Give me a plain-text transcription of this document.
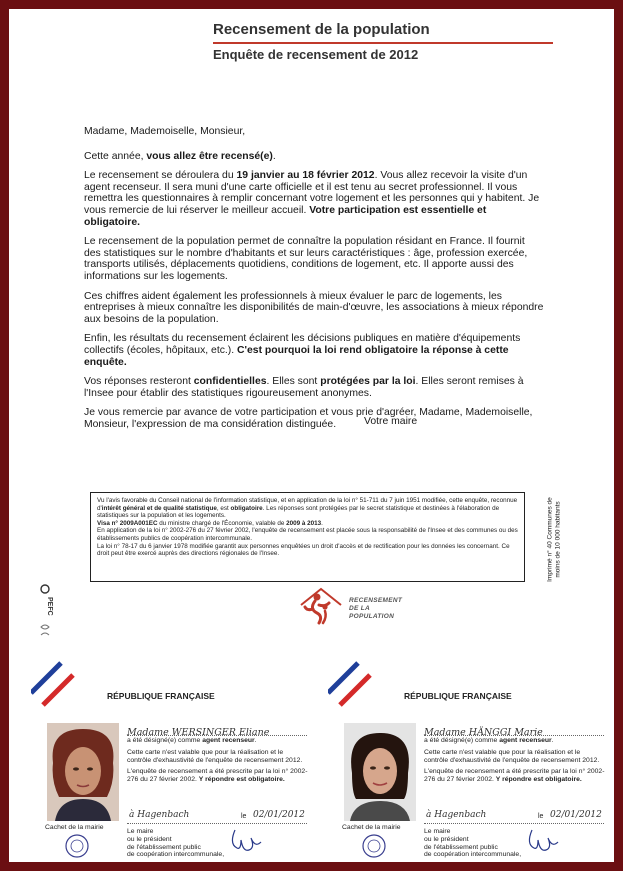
Recensement de la population
Enquête de recensement de 2012

Madame, Mademoiselle, Monsieur,

Cette année, vous allez être recensé(e).

Le recensement se déroulera du 19 janvier au 18 février 2012. Vous allez recevoir la visite d'un agent recenseur. Il sera muni d'une carte officielle et il est tenu au secret professionnel. Il vous remettra les questionnaires à remplir concernant votre logement et les personnes qui y habitent. Je vous remercie de lui réserver le meilleur accueil. Votre participation est essentielle et obligatoire.

Le recensement de la population permet de connaître la population résidant en France. Il fournit des statistiques sur le nombre d'habitants et sur leurs caractéristiques : âge, profession exercée, transports utilisés, déplacements quotidiens, conditions de logement, etc. Il apporte aussi des informations sur les logements.

Ces chiffres aident également les professionnels à mieux évaluer le parc de logements, les entreprises à mieux connaître les disponibilités de main-d'œuvre, les associations à mieux répondre aux besoins de la population.

Enfin, les résultats du recensement éclairent les décisions publiques en matière d'équipements collectifs (écoles, hôpitaux, etc.). C'est pourquoi la loi rend obligatoire la réponse à cette enquête.

Vos réponses resteront confidentielles. Elles sont protégées par la loi. Elles seront remises à l'Insee pour établir des statistiques rigoureusement anonymes.

Je vous remercie par avance de votre participation et vous prie d'agréer, Madame, Mademoiselle, Monsieur, l'expression de ma considération distinguée.	Votre maire

Vu l'avis favorable du Conseil national de l'information statistique, et en application de la loi n° 51-711 du 7 juin 1951 modifiée, cette enquête, reconnue d'intérêt général et de qualité statistique, est obligatoire. Les réponses sont protégées par le secret statistique et destinées à l'élaboration de statistiques sur la population et les logements.

Visa n° 2009A001EC du ministre chargé de l'Économie, valable de 2009 à 2013.

En application de la loi n° 2002-276 du 27 février 2002, l'enquête de recensement est placée sous la responsabilité de l'Insee et des communes ou des établissements publics de coopération intercommunale.

La loi n° 78-17 du 6 janvier 1978 modifiée garantit aux personnes enquêtées un droit d'accès et de rectification pour les données les concernant. Ce droit peut être exercé auprès des directions régionales de l'Insee.	Imprimé n° 40 Communes de moins de 10 000 habitants
PEFC	RECENSEMENT
DE LA
POPULATION
RÉPUBLIQUE FRANÇAISE
Madame WERSINGER Eliane

a été désigné(e) comme agent recenseur.

Cette carte n'est valable que pour la réalisation et le contrôle d'exhaustivité de l'enquête de recensement 2012.

L'enquête de recensement a été prescrite par la loi n° 2002-276 du 27 février 2002. Y répondre est obligatoire.

à Hagenbach	le 02/01/2012
Cachet de la mairie
Le maire
ou le président
de l'établissement public
de coopération intercommunale,
RÉPUBLIQUE FRANÇAISE
Madame HÄNGGI Marie

a été désigné(e) comme agent recenseur.

Cette carte n'est valable que pour la réalisation et le contrôle d'exhaustivité de l'enquête de recensement 2012.

L'enquête de recensement a été prescrite par la loi n° 2002-276 du 27 février 2002. Y répondre est obligatoire.

à Hagenbach	le 02/01/2012
Cachet de la mairie
Le maire
ou le président
de l'établissement public
de coopération intercommunale,
